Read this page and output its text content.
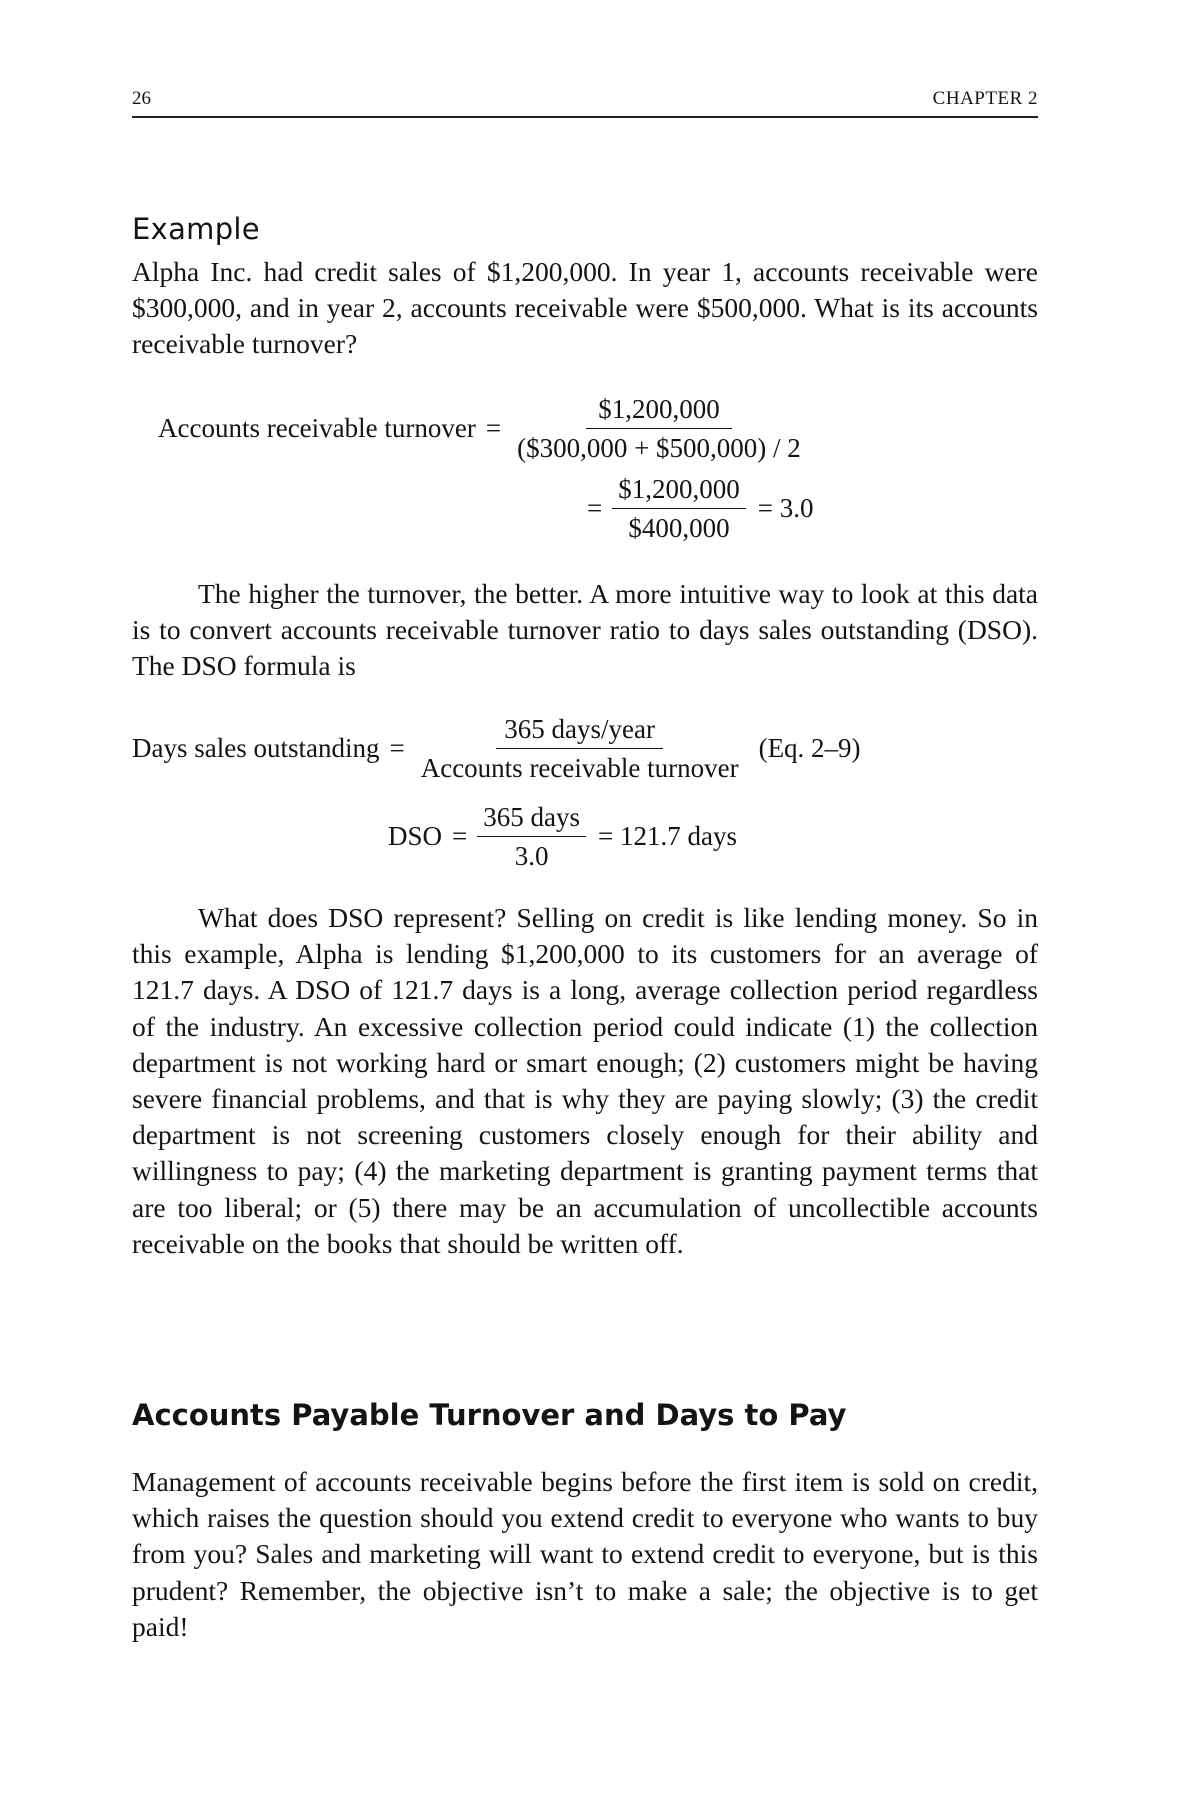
26	CHAPTER 2
Example

Alpha Inc. had credit sales of $1,200,000. In year 1, accounts receivable were $300,000, and in year 2, accounts receivable were $500,000. What is its accounts receivable turnover?

Accounts receivable turnover = $\frac{\$1,200,000}{(\$300,000 + \$500,000) / 2}$
= $\frac{\$1,200,000}{\$400,000} = 3.0$

The higher the turnover, the better. A more intuitive way to look at this data is to convert accounts receivable turnover ratio to days sales outstanding (DSO). The DSO formula is

Days sales outstanding = $\frac{\text{365 days/year}}{\text{Accounts receivable turnover}} (Eq$. 2–9)
DSO = $\frac{\text{365 days}}{3.0} = 121.7$ days

What does DSO represent? Selling on credit is like lending money. So in this example, Alpha is lending $1,200,000 to its customers for an average of 121.7 days. A DSO of 121.7 days is a long, average collection period regardless of the industry. An excessive collection period could indicate (1) the collection department is not working hard or smart enough; (2) customers might be having severe financial problems, and that is why they are paying slowly; (3) the credit department is not screening customers closely enough for their ability and willingness to pay; (4) the marketing department is granting payment terms that are too liberal; or (5) there may be an accumulation of uncollectible accounts receivable on the books that should be written off.

Accounts Payable Turnover and Days to Pay

Management of accounts receivable begins before the first item is sold on credit, which raises the question should you extend credit to everyone who wants to buy from you? Sales and marketing will want to extend credit to everyone, but is this prudent? Remember, the objective isn’t to make a sale; the objective is to get paid!
